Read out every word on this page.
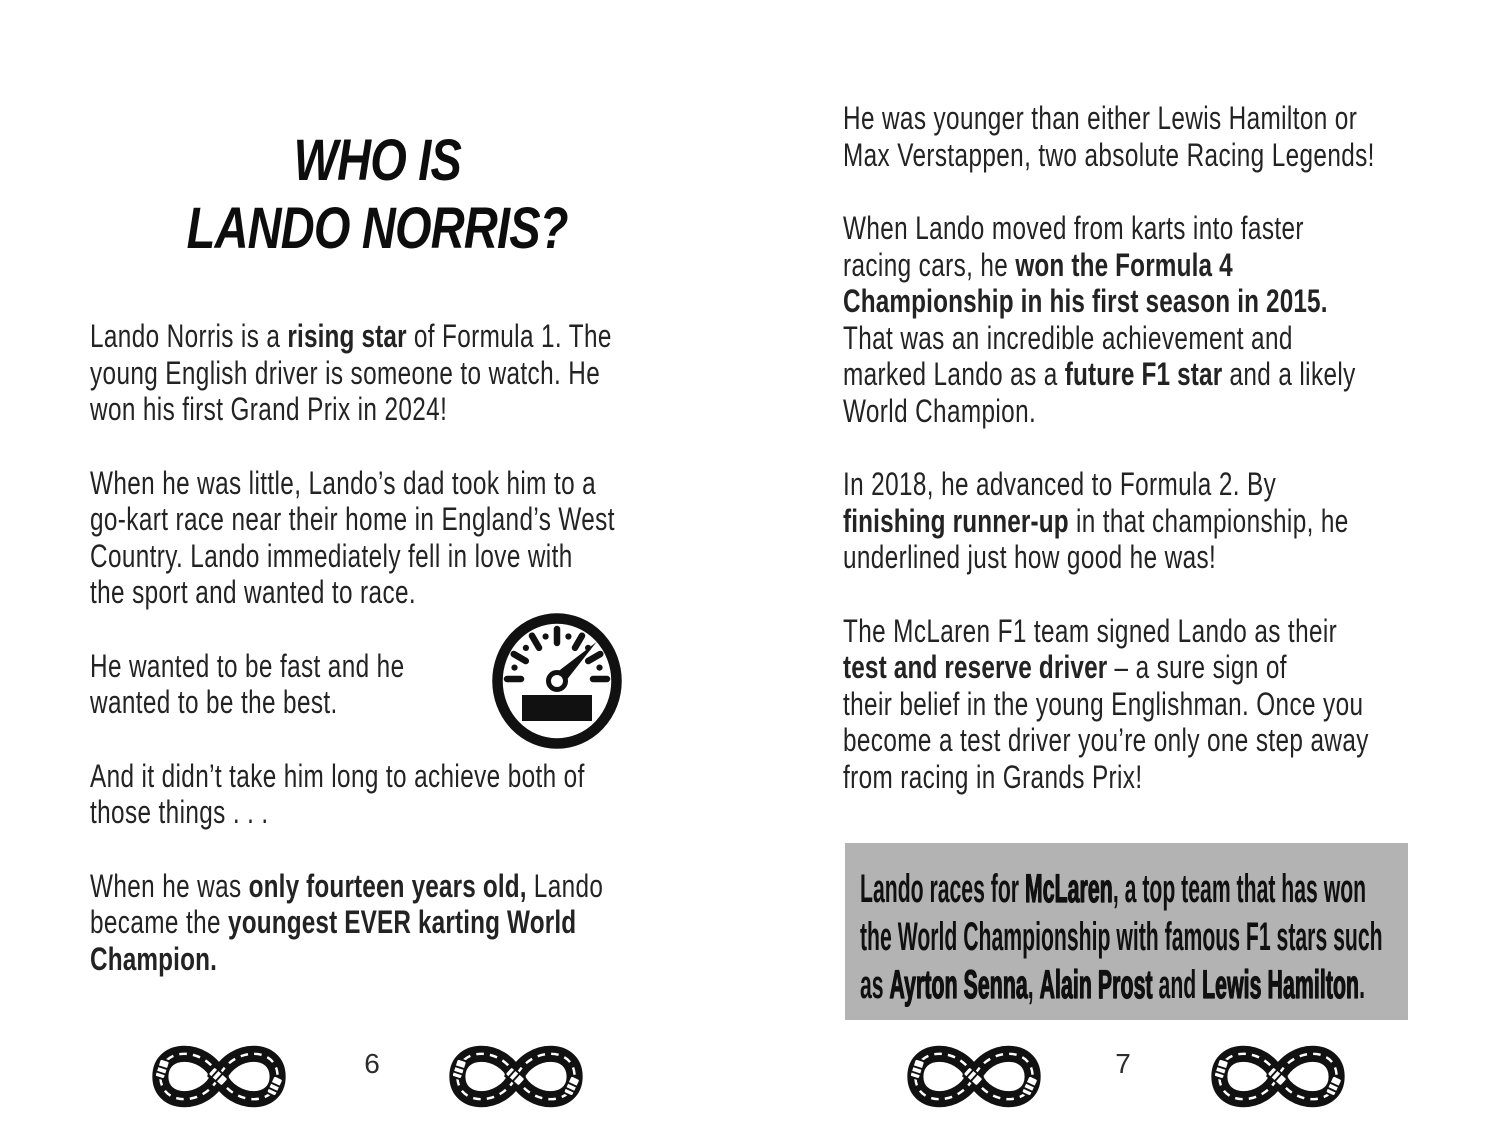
WHO IS
LANDO NORRIS?
Lando Norris is a rising star of Formula 1. The
young English driver is someone to watch. He
won his first Grand Prix in 2024!
When he was little, Lando’s dad took him to a
go-kart race near their home in England’s West
Country. Lando immediately fell in love with
the sport and wanted to race.
He wanted to be fast and he
wanted to be the best.
And it didn’t take him long to achieve both of
those things . . .
When he was only fourteen years old, Lando
became the youngest EVER karting World
Champion.
6
He was younger than either Lewis Hamilton or
Max Verstappen, two absolute Racing Legends!
When Lando moved from karts into faster
racing cars, he won the Formula 4
Championship in his first season in 2015.
That was an incredible achievement and
marked Lando as a future F1 star and a likely
World Champion.
In 2018, he advanced to Formula 2. By
finishing runner-up in that championship, he
underlined just how good he was!
The McLaren F1 team signed Lando as their
test and reserve driver – a sure sign of
their belief in the young Englishman. Once you
become a test driver you’re only one step away
from racing in Grands Prix!
Lando races for McLaren, a top team that has won
the World Championship with famous F1 stars such
as Ayrton Senna, Alain Prost and Lewis Hamilton.
7
